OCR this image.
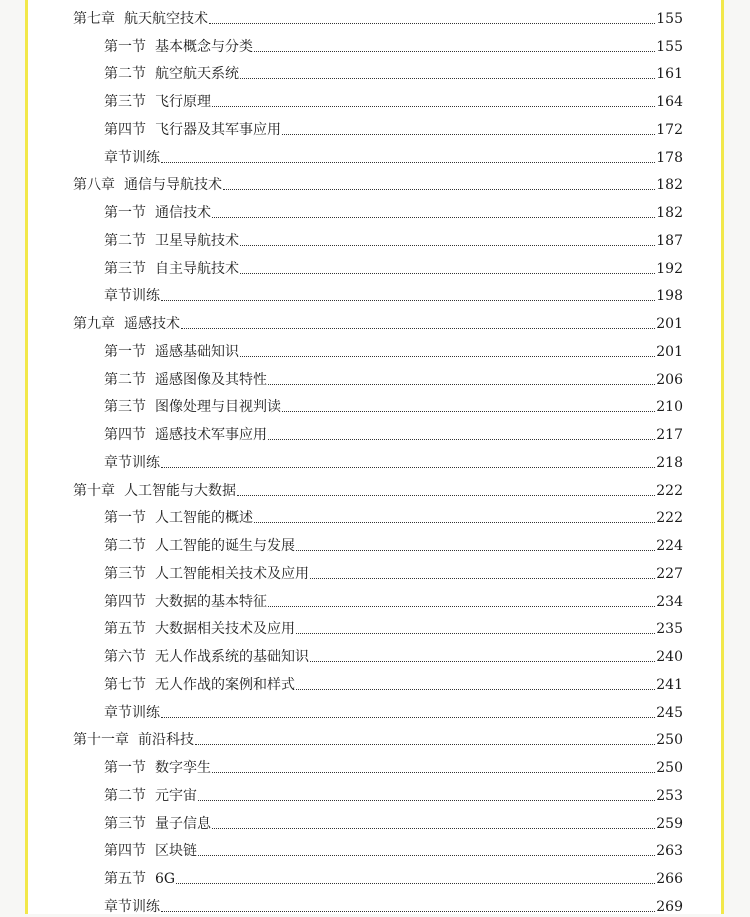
第七章 航天航空技术	155
第一节 基本概念与分类	155
第二节 航空航天系统	161
第三节 飞行原理	164
第四节 飞行器及其军事应用	172
章节训练	178
第八章 通信与导航技术	182
第一节 通信技术	182
第二节 卫星导航技术	187
第三节 自主导航技术	192
章节训练	198
第九章 遥感技术	201
第一节 遥感基础知识	201
第二节 遥感图像及其特性	206
第三节 图像处理与目视判读	210
第四节 遥感技术军事应用	217
章节训练	218
第十章 人工智能与大数据	222
第一节 人工智能的概述	222
第二节 人工智能的诞生与发展	224
第三节 人工智能相关技术及应用	227
第四节 大数据的基本特征	234
第五节 大数据相关技术及应用	235
第六节 无人作战系统的基础知识	240
第七节 无人作战的案例和样式	241
章节训练	245
第十一章 前沿科技	250
第一节 数字孪生	250
第二节 元宇宙	253
第三节 量子信息	259
第四节 区块链	263
第五节 6G	266
章节训练	269
